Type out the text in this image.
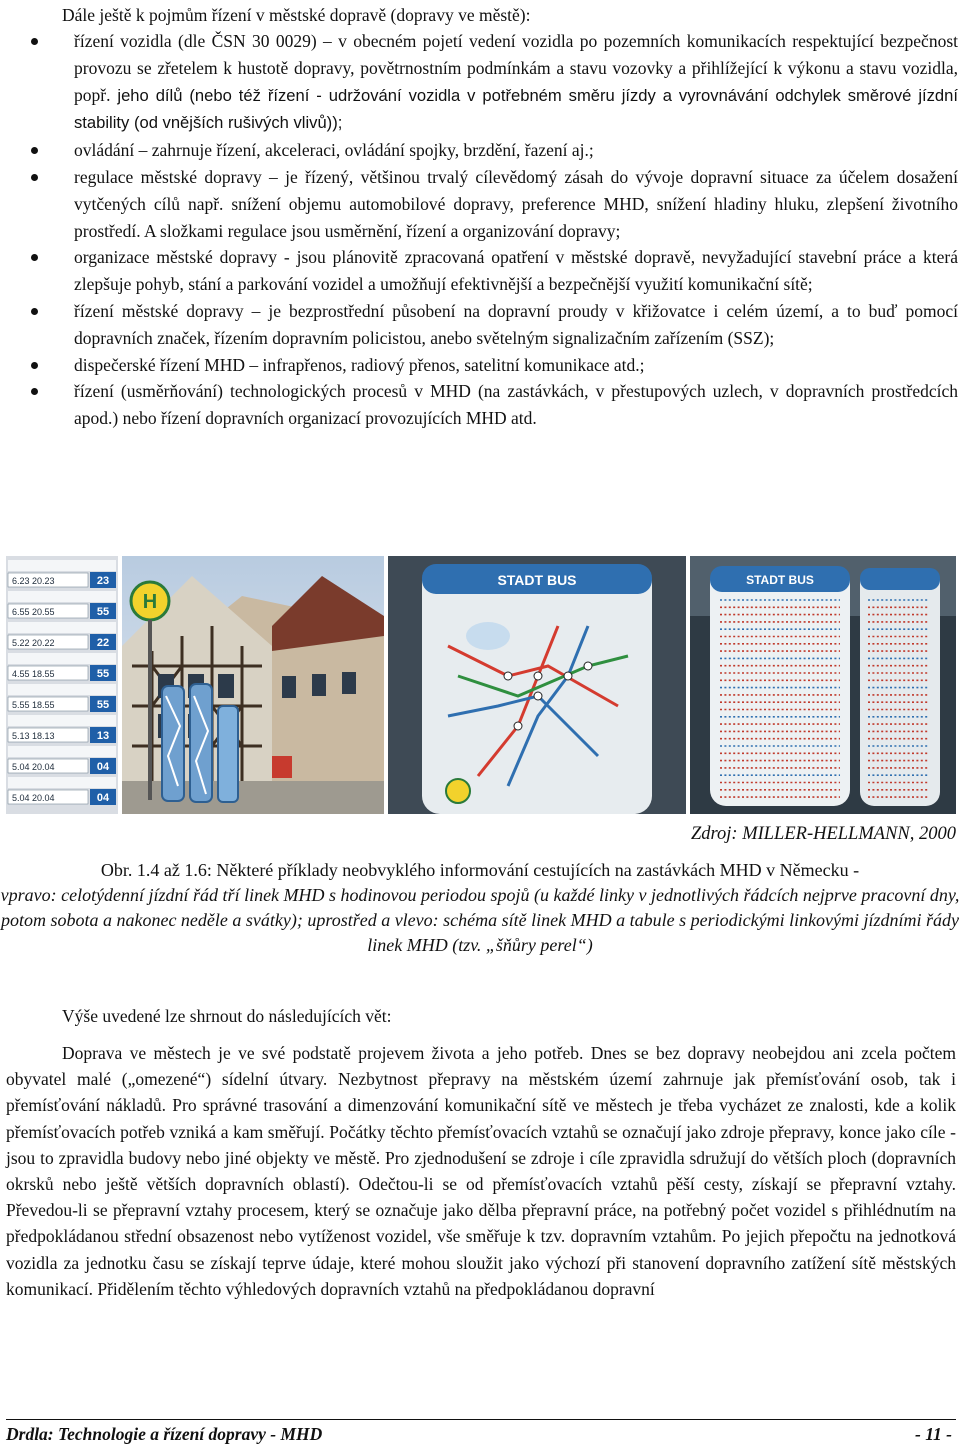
Dále ještě k pojmům řízení v městské dopravě (dopravy ve městě):
řízení vozidla (dle ČSN 30 0029) – v obecném pojetí vedení vozidla po pozemních komunikacích respektující bezpečnost provozu se zřetelem k hustotě dopravy, povětrnostním podmínkám a stavu vozovky a přihlížející k výkonu a stavu vozidla, popř. jeho dílů (nebo též řízení - udržování vozidla v potřebném směru jízdy a vyrovnávání odchylek směrové jízdní stability (od vnějších rušivých vlivů));
ovládání – zahrnuje řízení, akceleraci, ovládání spojky, brzdění, řazení aj.;
regulace městské dopravy – je řízený, většinou trvalý cílevědomý zásah do vývoje dopravní situace za účelem dosažení vytčených cílů např. snížení objemu automobilové dopravy, preference MHD, snížení hladiny hluku, zlepšení životního prostředí. A složkami regulace jsou usměrnění, řízení a organizování dopravy;
organizace městské dopravy - jsou plánovitě zpracovaná opatření v městské dopravě, nevyžadující stavební práce a která zlepšuje pohyb, stání a parkování vozidel a umožňují efektivnější a bezpečnější využití komunikační sítě;
řízení městské dopravy – je bezprostřední působení na dopravní proudy v křižovatce i celém území, a to buď pomocí dopravních značek, řízením dopravním policistou, anebo světelným signalizačním zařízením (SSZ);
dispečerské řízení MHD – infrapřenos, radiový přenos, satelitní komunikace atd.;
řízení (usměrňování) technologických procesů v MHD (na zastávkách, v přestupových uzlech, v dopravních prostředcích apod.) nebo řízení dopravních organizací provozujících MHD atd.
6.23 20.23	23
6.55 20.55	55
5.22 20.22	22
4.55 18.55	55
5.55 18.55	55
5.13 18.13	13
5.04 20.04	04
5.04 20.04	04
H
STADT BUS	STADT BUS
Zdroj: MILLER-HELLMANN, 2000
Obr. 1.4 až 1.6: Některé příklady neobvyklého informování cestujících na zastávkách MHD v Německu -
vpravo: celotýdenní jízdní řád tří linek MHD s hodinovou periodou spojů (u každé linky v jednotlivých řádcích nejprve pracovní dny, potom sobota a nakonec neděle a svátky); uprostřed a vlevo: schéma sítě linek MHD a tabule s periodickými linkovými jízdními řády linek MHD (tzv. „šňůry perel“)
Výše uvedené lze shrnout do následujících vět:

Doprava ve městech je ve své podstatě projevem života a jeho potřeb. Dnes se bez dopravy neobejdou ani zcela počtem obyvatel malé („omezené“) sídelní útvary. Nezbytnost přepravy na městském území zahrnuje jak přemísťování osob, tak i přemísťování nákladů. Pro správné trasování a dimenzování komunikační sítě ve městech je třeba vycházet ze znalosti, kde a kolik přemísťovacích potřeb vzniká a kam směřují. Počátky těchto přemísťovacích vztahů se označují jako zdroje přepravy, konce jako cíle - jsou to zpravidla budovy nebo jiné objekty ve městě. Pro zjednodušení se zdroje i cíle zpravidla sdružují do větších ploch (dopravních okrsků nebo ještě větších dopravních oblastí). Odečtou-li se od přemísťovacích vztahů pěší cesty, získají se přepravní vztahy. Převedou-li se přepravní vztahy procesem, který se označuje jako dělba přepravní práce, na potřebný počet vozidel s přihlédnutím na předpokládanou střední obsazenost nebo vytíženost vozidel, vše směřuje k tzv. dopravním vztahům. Po jejich přepočtu na jednotková vozidla za jednotku času se získají teprve údaje, které mohou sloužit jako výchozí při stanovení dopravního zatížení sítě městských komunikací. Přidělením těchto výhledových dopravních vztahů na předpokládanou dopravní

Drdla: Technologie a řízení dopravy - MHD	- 11 -
